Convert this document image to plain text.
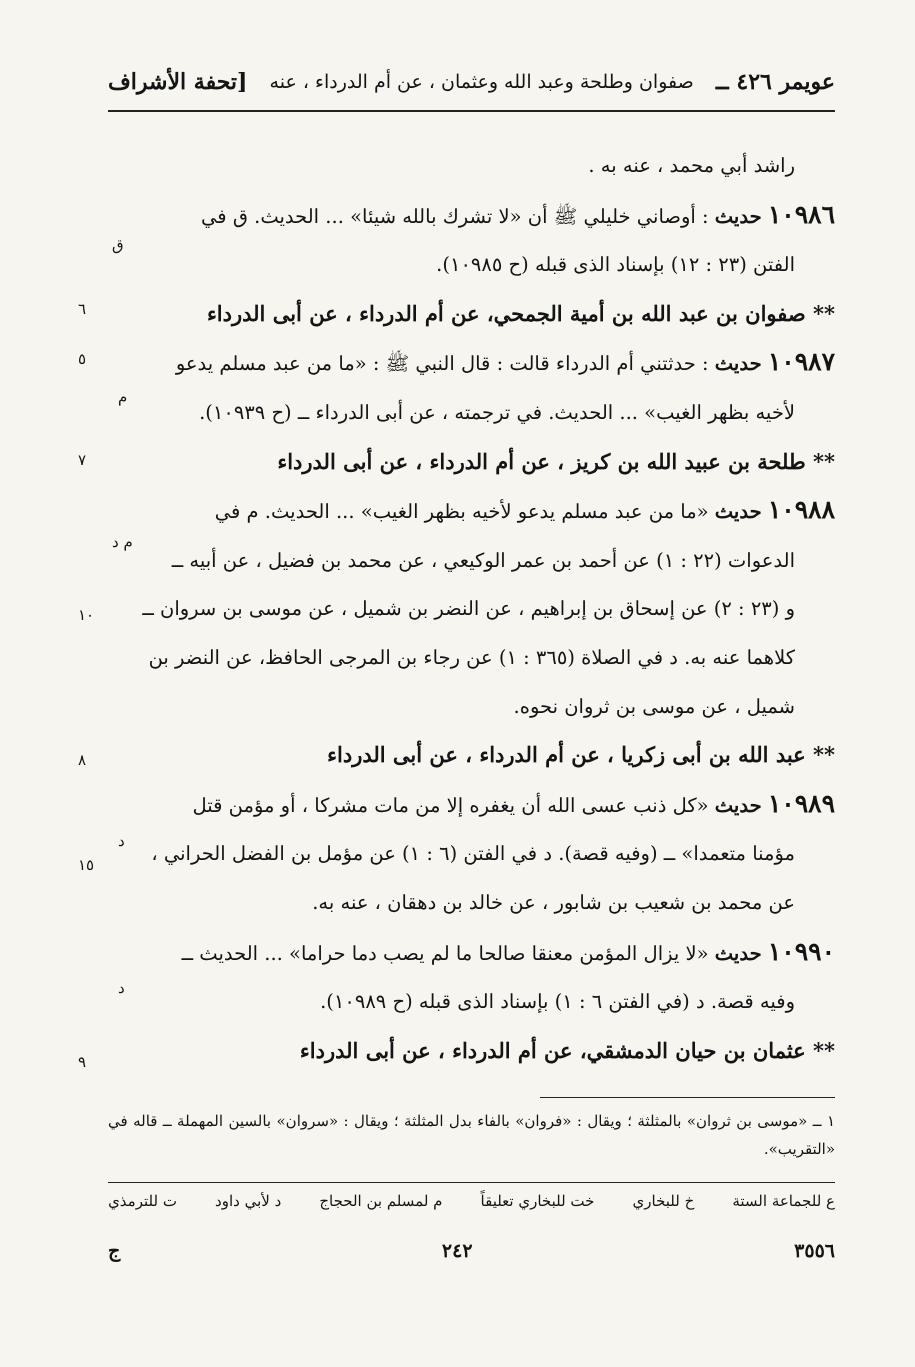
عويمر ٤٢٦ ــ
صفوان وطلحة وعبد الله وعثمان ، عن أم الدرداء ، عنه
[تحفة الأشراف

راشد أبي محمد ، عنه به .

١٠٩٨٦ حديث : أوصاني خليلي ﷺ أن «لا تشرك بالله شيئا» ... الحديث. ق في

الفتن (٢٣ : ١٢) بإسناد الذى قبله (ح ١٠٩٨٥).

** صفوان بن عبد الله بن أمية الجمحي، عن أم الدرداء ، عن أبى الدرداء

١٠٩٨٧ حديث : حدثتني أم الدرداء قالت : قال النبي ﷺ : «ما من عبد مسلم يدعو

لأخيه بظهر الغيب» ... الحديث. في ترجمته ، عن أبى الدرداء ــ (ح ١٠٩٣٩).

** طلحة بن عبيد الله بن كريز ، عن أم الدرداء ، عن أبى الدرداء

١٠٩٨٨ حديث «ما من عبد مسلم يدعو لأخيه بظهر الغيب» ... الحديث. م في

الدعوات (٢٢ : ١) عن أحمد بن عمر الوكيعي ، عن محمد بن فضيل ، عن أبيه ــ

و (٢٣ : ٢) عن إسحاق بن إبراهيم ، عن النضر بن شميل ، عن موسى بن سروان ــ

كلاهما عنه به. د في الصلاة (٣٦٥ : ١) عن رجاء بن المرجى الحافظ، عن النضر بن

شميل ، عن موسى بن ثروان نحوه.

** عبد الله بن أبى زكريا ، عن أم الدرداء ، عن أبى الدرداء

١٠٩٨٩ حديث «كل ذنب عسى الله أن يغفره إلا من مات مشركا ، أو مؤمن قتل

مؤمنا متعمدا» ــ (وفيه قصة). د في الفتن (٦ : ١) عن مؤمل بن الفضل الحراني ،

عن محمد بن شعيب بن شابور ، عن خالد بن دهقان ، عنه به.

١٠٩٩٠ حديث «لا يزال المؤمن معنقا صالحا ما لم يصب دما حراما» ... الحديث ــ

وفيه قصة. د (في الفتن ٦ : ١) بإسناد الذى قبله (ح ١٠٩٨٩).

** عثمان بن حيان الدمشقي، عن أم الدرداء ، عن أبى الدرداء

٦
٥
٧
١٠
٨
١٥
٩
ق
م
م د
د
د
١ ــ «موسى بن ثروان» بالمثلثة ؛ ويقال : «فروان» بالفاء بدل المثلثة ؛ ويقال : «سروان» بالسين المهملة ــ قاله في «التقريب».
ع للجماعة الستة
خ للبخاري
خت للبخاري تعليقاً
م لمسلم بن الحجاج
د لأبي داود
ت للترمذي
٣٥٥٦
٢٤٢
ج
